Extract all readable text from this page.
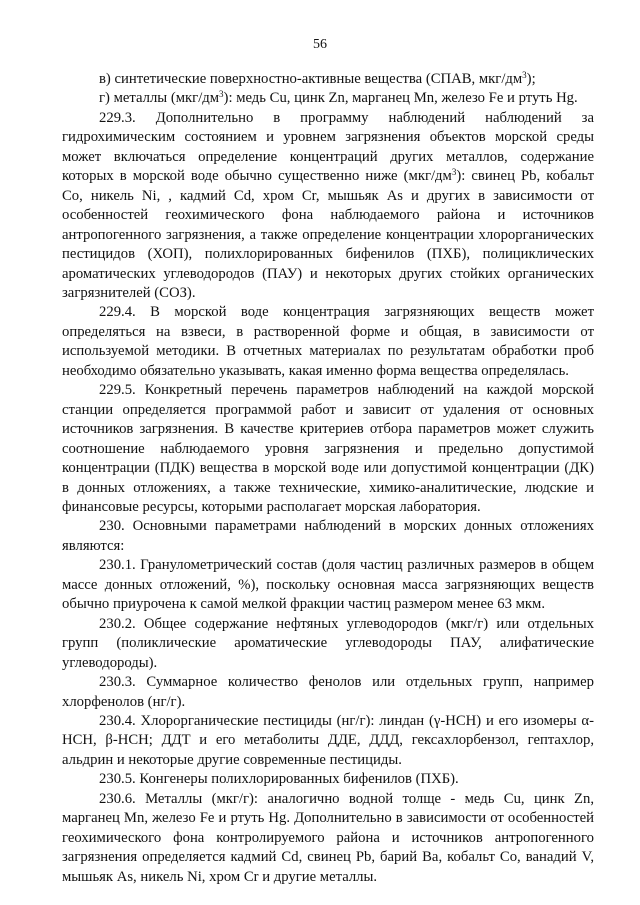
56

в) синтетические поверхностно-активные вещества (СПАВ, мкг/$дм^3$);

г) металлы $(мкг/дм^3)$: медь Cu, цинк Zn, марганец Mn, железо Fe и ртуть Hg.

229.3. Дополнительно в программу наблюдений наблюдений за гидрохимическим состоянием и уровнем загрязнения объектов морской среды может включаться определение концентраций других металлов, содержание которых в морской воде обычно существенно ниже $(мкг/дм^3)$: свинец Pb, кобальт Co, никель Ni, , кадмий Cd, хром Cr, мышьяк As и других в зависимости от особенностей геохимического фона наблюдаемого района и источников антропогенного загрязнения, а также определение концентрации хлорорганических пестицидов (ХОП), полихлорированных бифенилов (ПХБ), полициклических ароматических углеводородов (ПАУ) и некоторых других стойких органических загрязнителей (СОЗ).

229.4. В морской воде концентрация загрязняющих веществ может определяться на взвеси, в растворенной форме и общая, в зависимости от используемой методики. В отчетных материалах по результатам обработки проб необходимо обязательно указывать, какая именно форма вещества определялась.

229.5. Конкретный перечень параметров наблюдений на каждой морской станции определяется программой работ и зависит от удаления от основных источников загрязнения. В качестве критериев отбора параметров может служить соотношение наблюдаемого уровня загрязнения и предельно допустимой концентрации (ПДК) вещества в морской воде или допустимой концентрации (ДК) в донных отложениях, а также технические, химико-аналитические, людские и финансовые ресурсы, которыми располагает морская лаборатория.

230. Основными параметрами наблюдений в морских донных отложениях являются:

230.1. Гранулометрический состав (доля частиц различных размеров в общем массе донных отложений, %), поскольку основная масса загрязняющих веществ обычно приурочена к самой мелкой фракции частиц размером менее 63 мкм.

230.2. Общее содержание нефтяных углеводородов (мкг/г) или отдельных групп (поликлические ароматические углеводороды ПАУ, алифатические углеводороды).

230.3. Суммарное количество фенолов или отдельных групп, например хлорфенолов (нг/г).

230.4. Хлорорганические пестициды (нг/г): линдан (γ-HCH) и его изомеры α-HCH, β-HCH; ДДТ и его метаболиты ДДЕ, ДДД, гексахлорбензол, гептахлор, альдрин и некоторые другие современные пестициды.

230.5. Конгенеры полихлорированных бифенилов (ПХБ).

230.6. Металлы (мкг/г): аналогично водной толще - медь Cu, цинк Zn, марганец Mn, железо Fe и ртуть Hg. Дополнительно в зависимости от особенностей геохимического фона контролируемого района и источников антропогенного загрязнения определяется кадмий Cd, свинец Pb, барий Ba, кобальт Co, ванадий V, мышьяк As, никель Ni, хром Cr и другие металлы.
